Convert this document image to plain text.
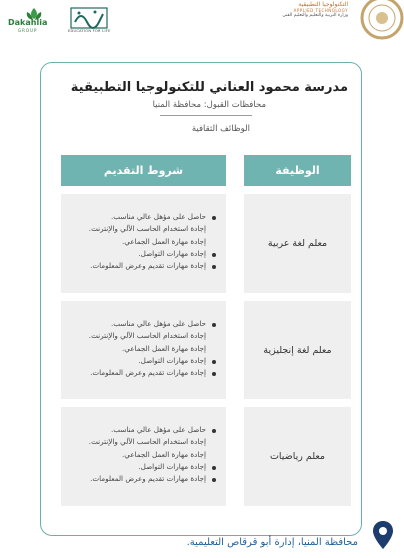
Dakahlia
GROUP	EDUCATION FOR LIFE
التكنولوجيا التطبيقية
APPLIED TECHNOLOGY
وزارة التربية والتعليم والتعليم الفني
مدرسة محمود العناني للتكنولوجيا التطبيقية
محافظات القبول: محافظة المنيا
الوظائف الثقافية
الوظيفة
شروط التقديم
معلم لغة عربية
حاصل على مؤهل عالي مناسب.
إجادة استخدام الحاسب الآلي والإنترنت.
إجادة مهارة العمل الجماعي.
إجادة مهارات التواصل.
إجادة مهارات تقديم وعرض المعلومات.
معلم لغة إنجليزية
حاصل على مؤهل عالي مناسب.
إجادة استخدام الحاسب الآلي والإنترنت.
إجادة مهارة العمل الجماعي.
إجادة مهارات التواصل.
إجادة مهارات تقديم وعرض المعلومات.
معلم رياضيات
حاصل على مؤهل عالي مناسب.
إجادة استخدام الحاسب الآلي والإنترنت.
إجادة مهارة العمل الجماعي.
إجادة مهارات التواصل.
إجادة مهارات تقديم وعرض المعلومات.
محافظة المنيا، إدارة أبو قرقاص التعليمية.
